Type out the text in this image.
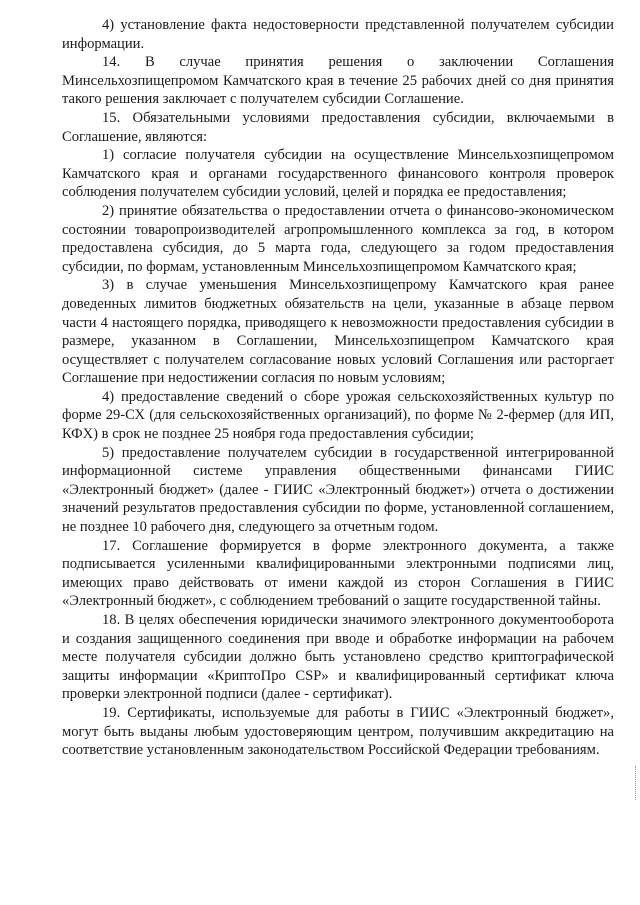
4) установление факта недостоверности представленной получателем субсидии информации.

14. В случае принятия решения о заключении Соглашения Минсельхозпищепромом Камчатского края в течение 25 рабочих дней со дня принятия такого решения заключает с получателем субсидии Соглашение.

15. Обязательными условиями предоставления субсидии, включаемыми в Соглашение, являются:

1) согласие получателя субсидии на осуществление Минсельхозпищепромом Камчатского края и органами государственного финансового контроля проверок соблюдения получателем субсидии условий, целей и порядка ее предоставления;

2) принятие обязательства о предоставлении отчета о финансово-экономическом состоянии товаропроизводителей агропромышленного комплекса за год, в котором предоставлена субсидия, до 5 марта года, следующего за годом предоставления субсидии, по формам, установленным Минсельхозпищепромом Камчатского края;

3) в случае уменьшения Минсельхозпищепрому Камчатского края ранее доведенных лимитов бюджетных обязательств на цели, указанные в абзаце первом части 4 настоящего порядка, приводящего к невозможности предоставления субсидии в размере, указанном в Соглашении, Минсельхозпищепром Камчатского края осуществляет с получателем согласование новых условий Соглашения или расторгает Соглашение при недостижении согласия по новым условиям;

4) предоставление сведений о сборе урожая сельскохозяйственных культур по форме 29-СХ (для сельскохозяйственных организаций), по форме № 2-фермер (для ИП, КФХ) в срок не позднее 25 ноября года предоставления субсидии;

5) предоставление получателем субсидии в государственной интегрированной информационной системе управления общественными финансами ГИИС «Электронный бюджет» (далее - ГИИС «Электронный бюджет») отчета о достижении значений результатов предоставления субсидии по форме, установленной соглашением, не позднее 10 рабочего дня, следующего за отчетным годом.

17. Соглашение формируется в форме электронного документа, а также подписывается усиленными квалифицированными электронными подписями лиц, имеющих право действовать от имени каждой из сторон Соглашения в ГИИС «Электронный бюджет», с соблюдением требований о защите государственной тайны.

18. В целях обеспечения юридически значимого электронного документооборота и создания защищенного соединения при вводе и обработке информации на рабочем месте получателя субсидии должно быть установлено средство криптографической защиты информации «КриптоПро CSP» и квалифицированный сертификат ключа проверки электронной подписи (далее - сертификат).

19. Сертификаты, используемые для работы в ГИИС «Электронный бюджет», могут быть выданы любым удостоверяющим центром, получившим аккредитацию на соответствие установленным законодательством Российской Федерации требованиям.
